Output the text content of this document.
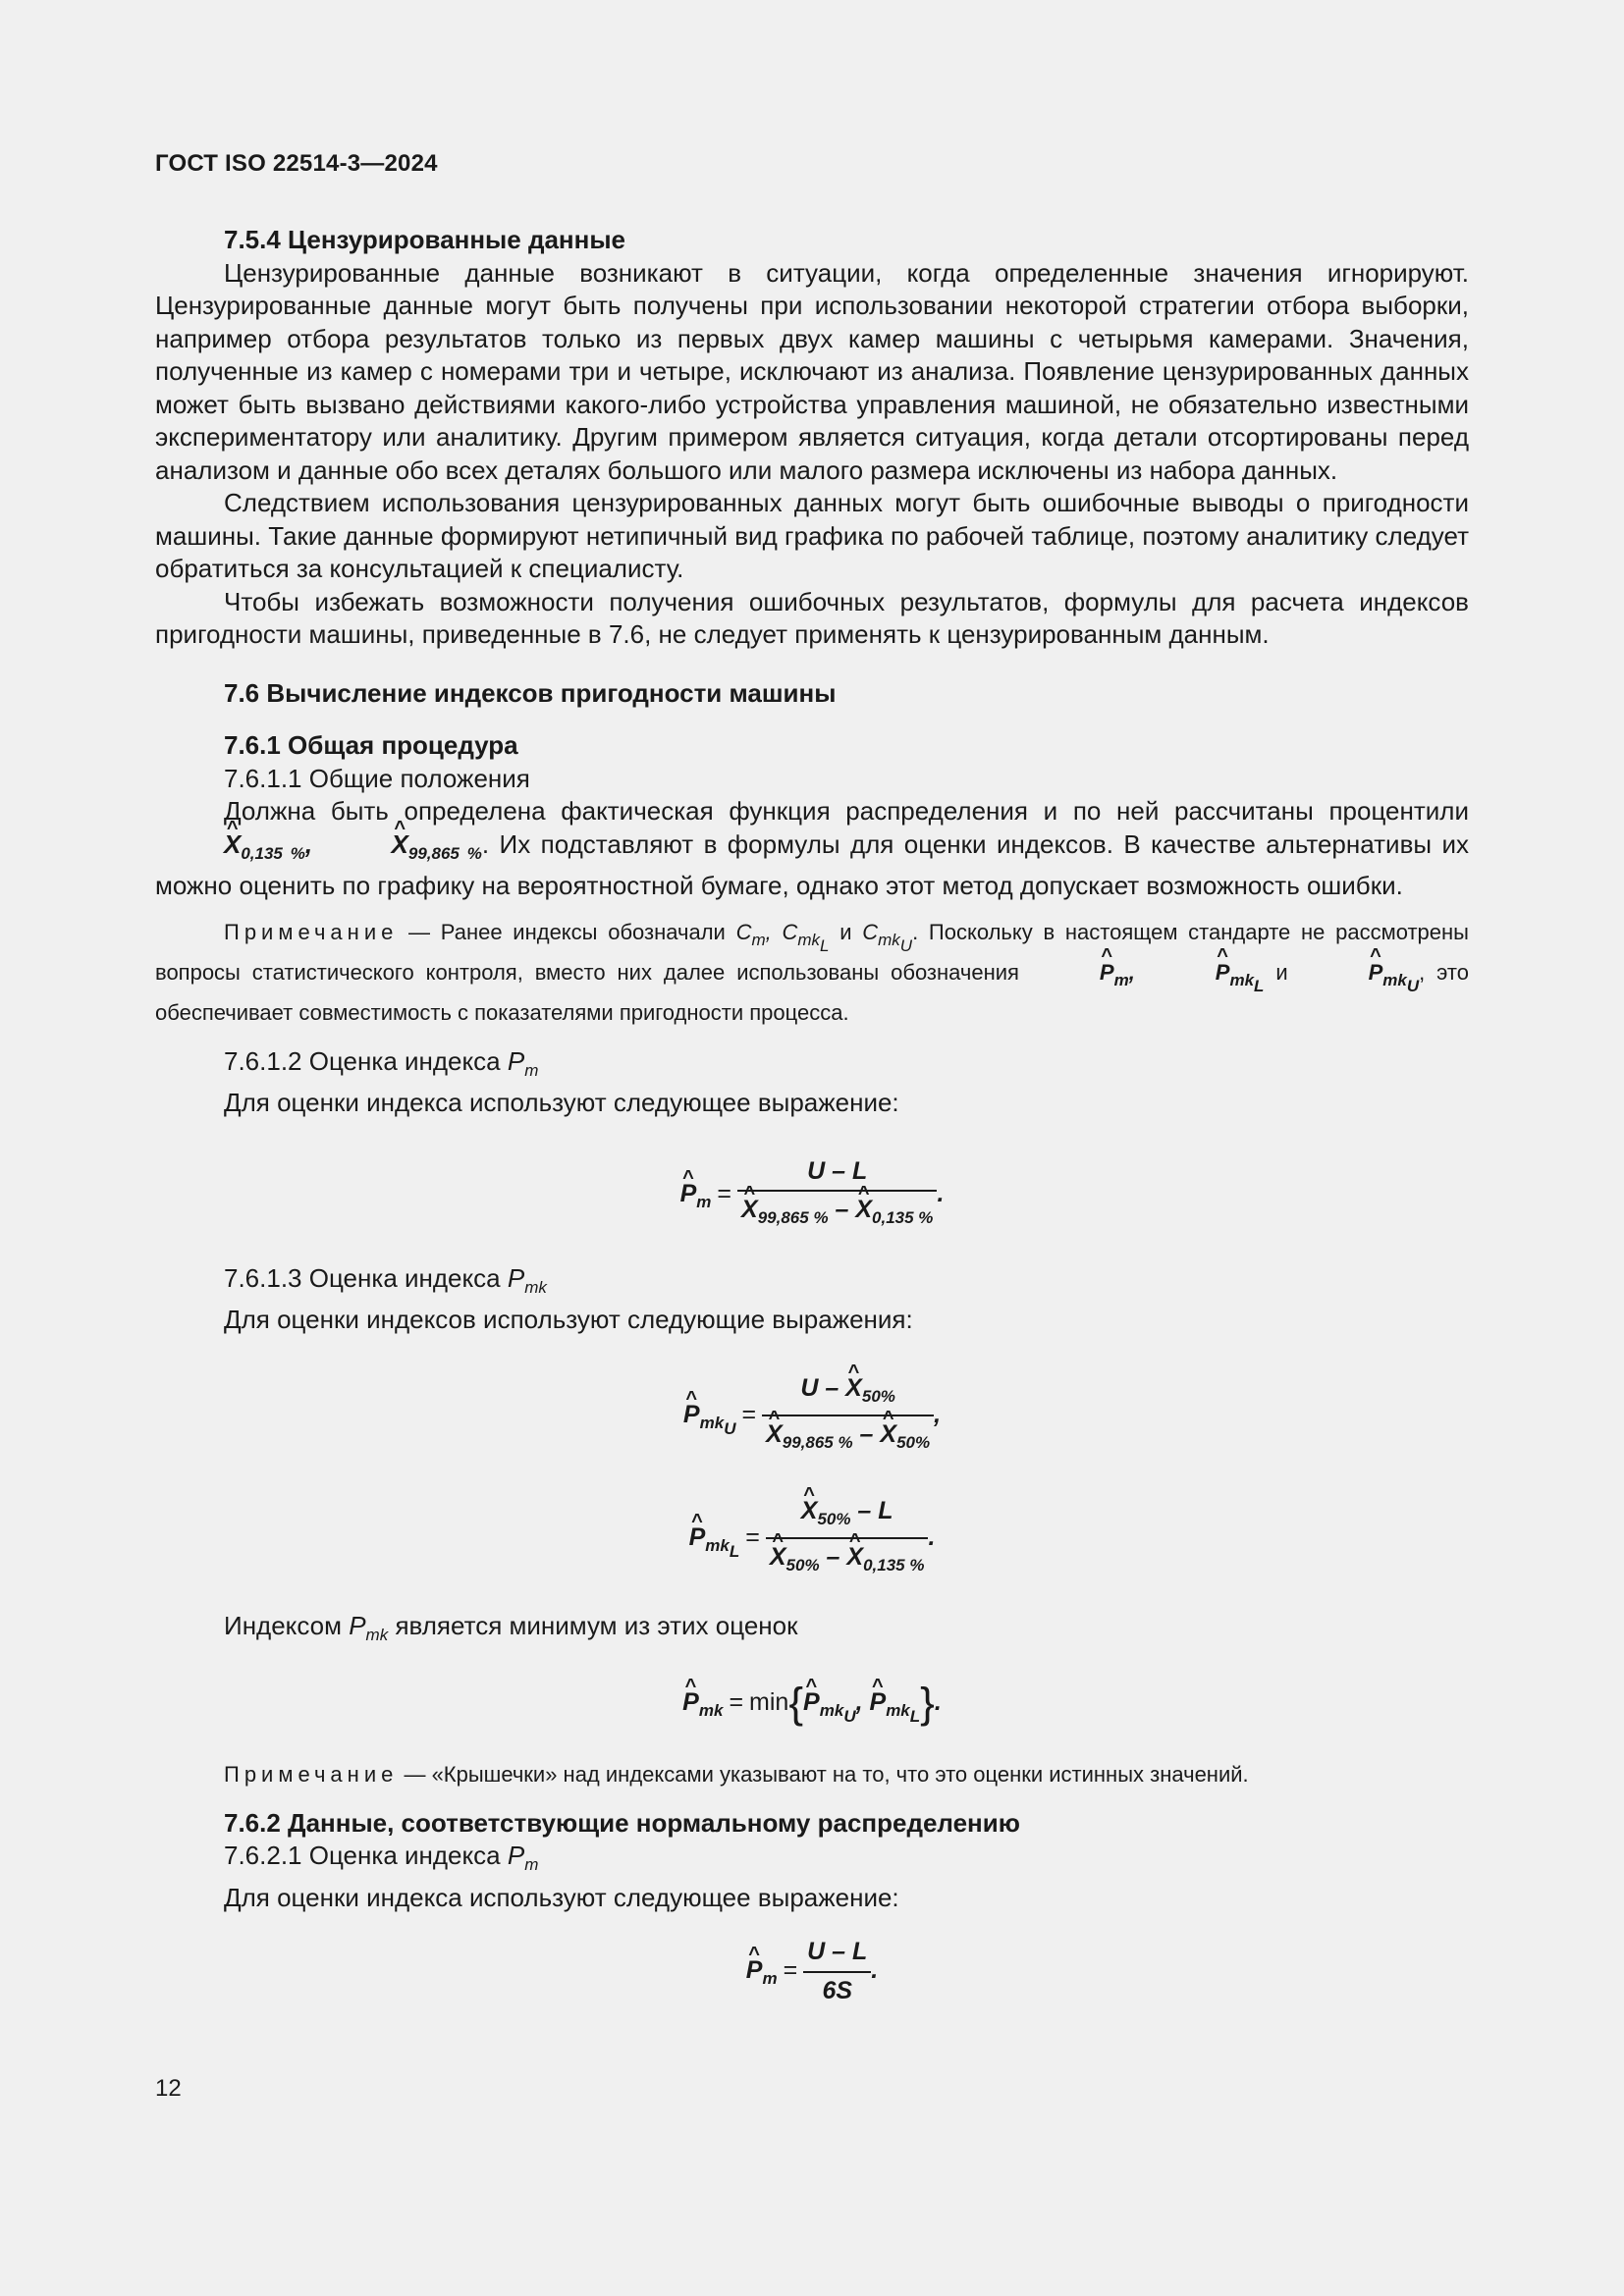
ГОСТ ISO 22514-3—2024

7.5.4 Цензурированные данные

Цензурированные данные возникают в ситуации, когда определенные значения игнорируют. Цензурированные данные могут быть получены при использовании некоторой стратегии отбора выборки, например отбора результатов только из первых двух камер машины с четырьмя камерами. Значения, полученные из камер с номерами три и четыре, исключают из анализа. Появление цензурированных данных может быть вызвано действиями какого-либо устройства управления машиной, не обязательно известными экспериментатору или аналитику. Другим примером является ситуация, когда детали отсортированы перед анализом и данные обо всех деталях большого или малого размера исключены из набора данных.

Следствием использования цензурированных данных могут быть ошибочные выводы о пригодности машины. Такие данные формируют нетипичный вид графика по рабочей таблице, поэтому аналитику следует обратиться за консультацией к специалисту.

Чтобы избежать возможности получения ошибочных результатов, формулы для расчета индексов пригодности машины, приведенные в 7.6, не следует применять к цензурированным данным.

7.6 Вычисление индексов пригодности машины

7.6.1 Общая процедура

7.6.1.1 Общие положения

Должна быть определена фактическая функция распределения и по ней рассчитаны процентили ^ $X_{0,135 \%}$,	^ $X_{99,865 \%}$. Их подставляют в формулы для оценки индексов. В качестве альтернативы их можно оценить по графику на вероятностной бумаге, однако этот метод допускает возможность ошибки.

Примечание — Ранее индексы обозначали $C_m$, $C_{mk_L}$ и $C_{mk_U}$. Поскольку в настоящем стандарте не рассмотрены вопросы статистического контроля, вместо них далее использованы обозначения	^ $P_m$,	^ $P_{mk_L}$ и	^ $P_{mk_U}$, это обеспечивает совместимость с показателями пригодности процесса.

7.6.1.2 Оценка индекса $P_m$

Для оценки индекса используют следующее выражение:

^ $P_m = U - L$
^ $X_{99,865 \%}$ – ^ $X_{0,135 \%}$ .

7.6.1.3 Оценка индекса $P_{mk}$

Для оценки индексов используют следующие выражения:

^ $P_{mk_U}= U$ – ^ $X_{50\%}$
^ $X_{99,865 \%}$ – ^ $X_{50\%}$ ,
^ $P_{mk_L}=$ ^ $X_{50\%}$ – L
^ $X_{50\%}$ – ^ $X_{0,135 \%}$ .

Индексом $P_{mk}$ является минимум из этих оценок

^ $P_{mk}$ = min{^ $P_{mk_U}$, ^ $P_{mk_L}$}.

Примечание — «Крышечки» над индексами указывают на то, что это оценки истинных значений.

7.6.2 Данные, соответствующие нормальному распределению

7.6.2.1 Оценка индекса $P_m$

Для оценки индекса используют следующее выражение:

^ $P_m = \frac{U - L}{6S}$ .
12
